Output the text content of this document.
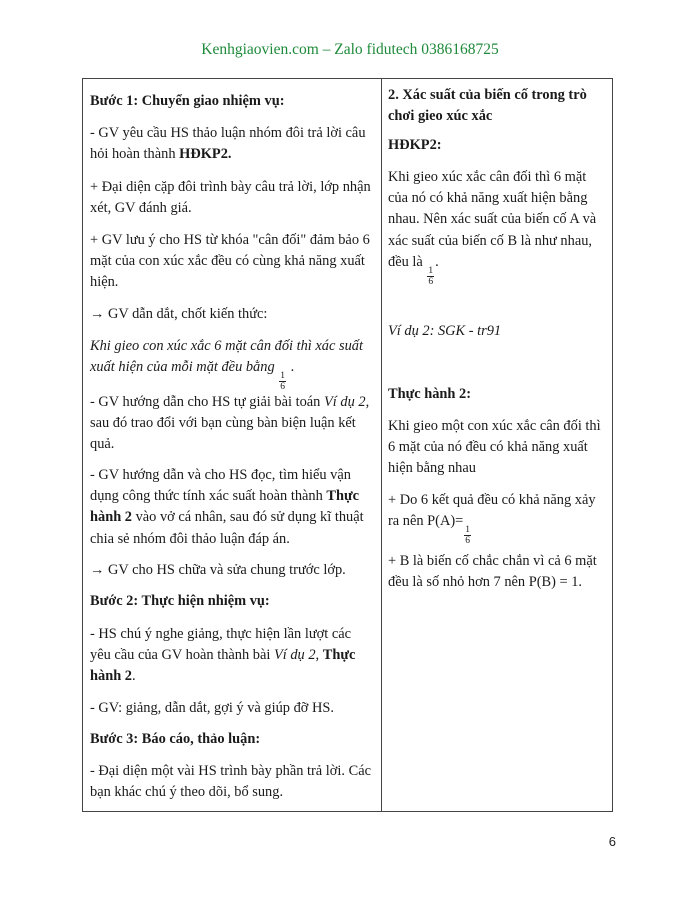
Kenhgiaovien.com – Zalo fidutech 0386168725

Bước 1: Chuyển giao nhiệm vụ:

- GV yêu cầu HS thảo luận nhóm đôi trả lời câu hỏi hoàn thành HĐKP2.

+ Đại diện cặp đôi trình bày câu trả lời, lớp nhận xét, GV đánh giá.

+ GV lưu ý cho HS từ khóa "cân đối" đảm bảo 6 mặt của con xúc xắc đều có cùng khả năng xuất hiện.

→ GV dẫn dắt, chốt kiến thức:

Khi gieo con xúc xắc 6 mặt cân đối thì xác suất xuất hiện của mỗi mặt đều bằng
$\frac{1}{6}$
.

- GV hướng dẫn cho HS tự giải bài toán Ví dụ 2, sau đó trao đổi với bạn cùng bàn biện luận kết quả.

- GV hướng dẫn và cho HS đọc, tìm hiểu vận dụng công thức tính xác suất hoàn thành Thực hành 2 vào vở cá nhân, sau đó sử dụng kĩ thuật chia sẻ nhóm đôi thảo luận đáp án.

→ GV cho HS chữa và sửa chung trước lớp.

Bước 2: Thực hiện nhiệm vụ:

- HS chú ý nghe giảng, thực hiện lần lượt các yêu cầu của GV hoàn thành bài Ví dụ 2, Thực hành 2.

- GV: giảng, dẫn dắt, gợi ý và giúp đỡ HS.

Bước 3: Báo cáo, thảo luận:

- Đại diện một vài HS trình bày phần trả lời. Các bạn khác chú ý theo dõi, bổ sung.

2. Xác suất của biến cố trong trò chơi gieo xúc xắc

HĐKP2:

Khi gieo xúc xắc cân đối thì 6 mặt của nó có khả năng xuất hiện bằng nhau. Nên xác suất của biến cố A và xác suất của biến cố B là như nhau, đều là
$\frac{1}{6}$
.

Ví dụ 2: SGK - tr91

Thực hành 2:

Khi gieo một con xúc xắc cân đối thì 6 mặt của nó đều có khả năng xuất hiện bằng nhau

+ Do 6 kết quả đều có khả năng xảy ra nên P(A)=
$\frac{1}{6}$

+ B là biến cố chắc chắn vì cả 6 mặt đều là số nhỏ hơn 7 nên P(B) = 1.

6
